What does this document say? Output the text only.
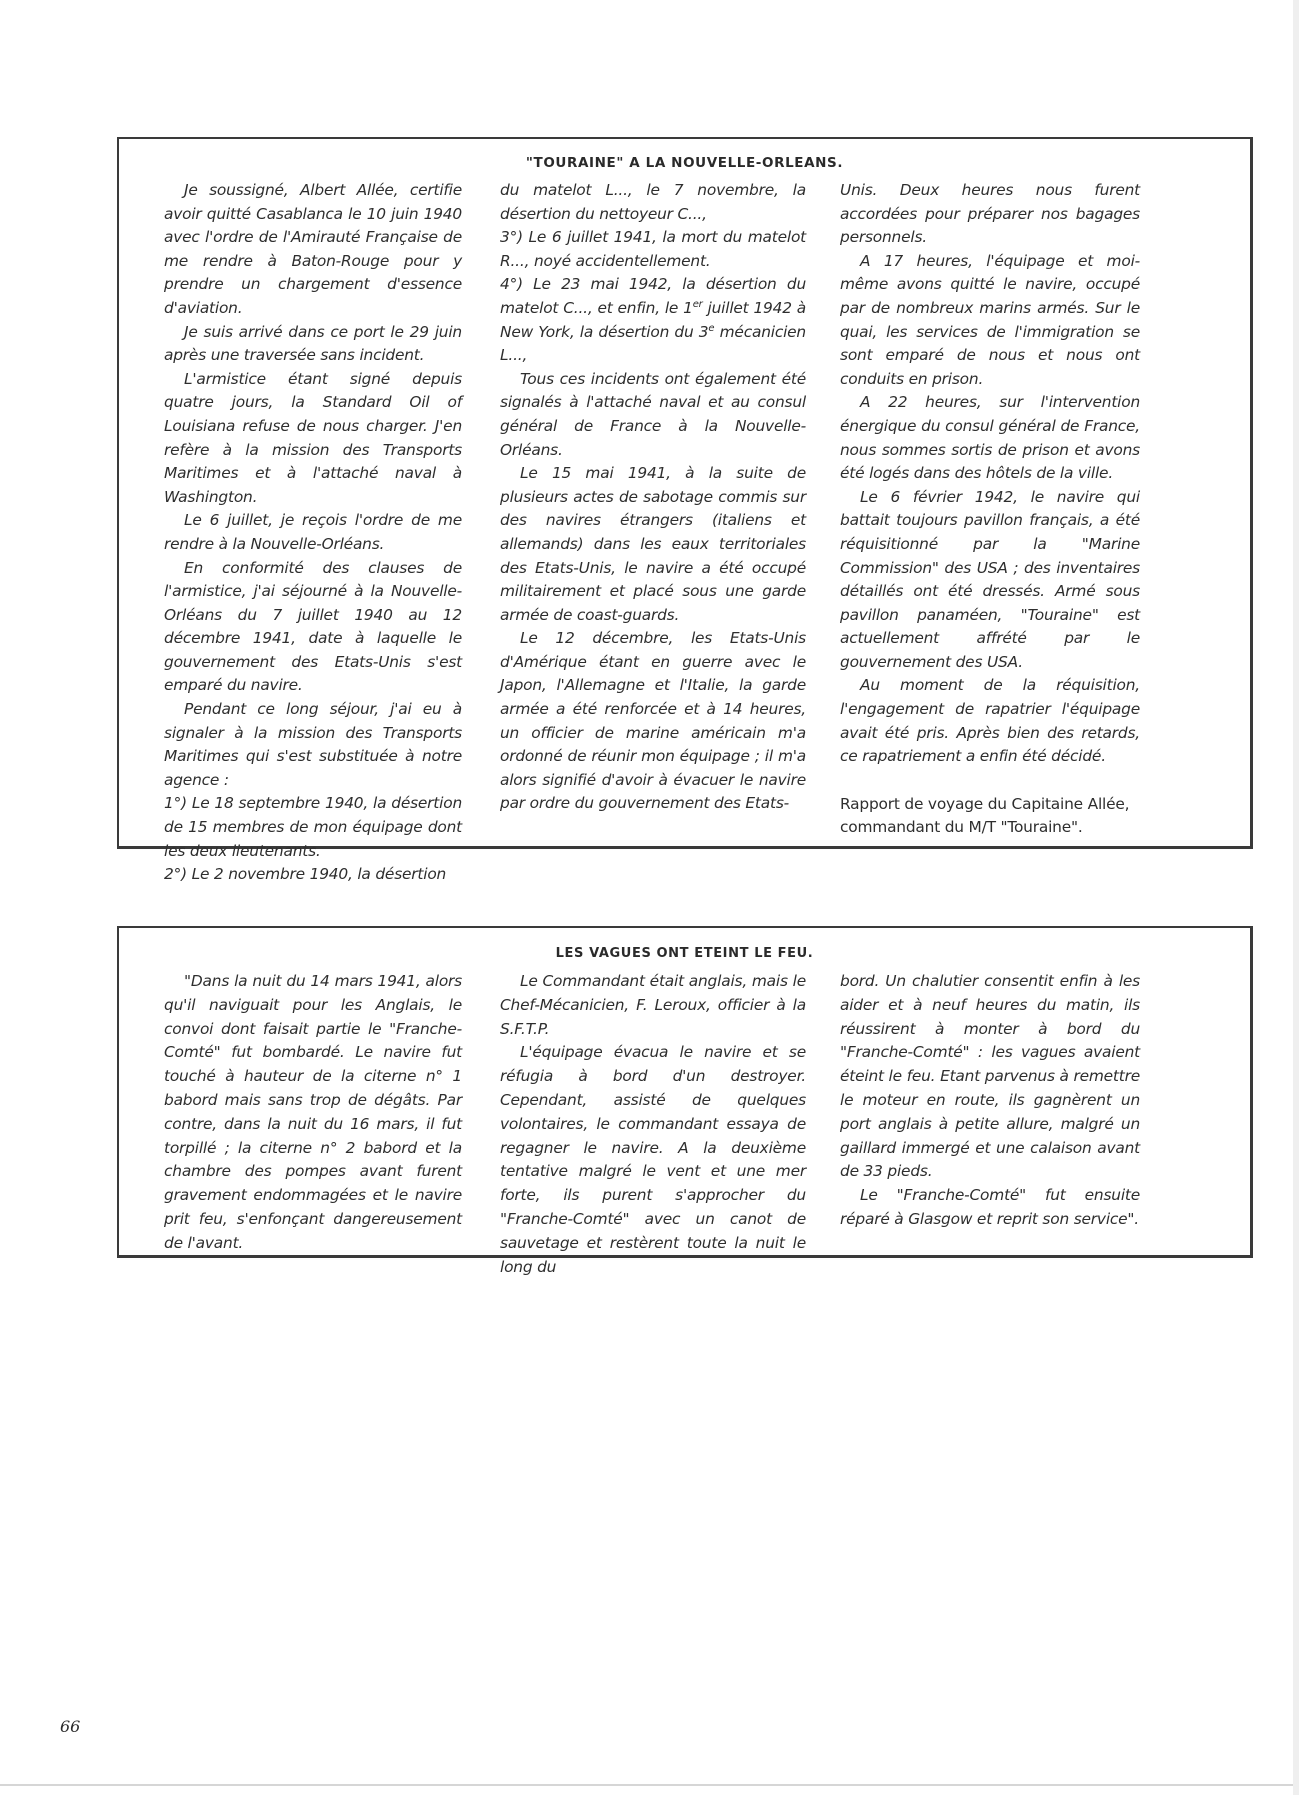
"TOURAINE" A LA NOUVELLE-ORLEANS.

Je soussigné, Albert Allée, certifie avoir quitté Casablanca le 10 juin 1940 avec l'ordre de l'Amirauté Française de me rendre à Baton-Rouge pour y prendre un chargement d'essence d'aviation.

Je suis arrivé dans ce port le 29 juin après une traversée sans incident.

L'armistice étant signé depuis quatre jours, la Standard Oil of Louisiana refuse de nous charger. J'en refère à la mission des Transports Maritimes et à l'attaché naval à Washington.

Le 6 juillet, je reçois l'ordre de me rendre à la Nouvelle-Orléans.

En conformité des clauses de l'armistice, j'ai séjourné à la Nouvelle-Orléans du 7 juillet 1940 au 12 décembre 1941, date à laquelle le gouvernement des Etats-Unis s'est emparé du navire.

Pendant ce long séjour, j'ai eu à signaler à la mission des Transports Maritimes qui s'est substituée à notre agence :

1°) Le 18 septembre 1940, la désertion de 15 membres de mon équipage dont les deux lieutenants.

2°) Le 2 novembre 1940, la désertion

du matelot L..., le 7 novembre, la désertion du nettoyeur C...,

3°) Le 6 juillet 1941, la mort du matelot R..., noyé accidentellement.

4°) Le 23 mai 1942, la désertion du matelot C..., et enfin, le 1er juillet 1942 à New York, la désertion du 3e mécanicien L...,

Tous ces incidents ont également été signalés à l'attaché naval et au consul général de France à la Nouvelle-Orléans.

Le 15 mai 1941, à la suite de plusieurs actes de sabotage commis sur des navires étrangers (italiens et allemands) dans les eaux territoriales des Etats-Unis, le navire a été occupé militairement et placé sous une garde armée de coast-guards.

Le 12 décembre, les Etats-Unis d'Amérique étant en guerre avec le Japon, l'Allemagne et l'Italie, la garde armée a été renforcée et à 14 heures, un officier de marine américain m'a ordonné de réunir mon équipage ; il m'a alors signifié d'avoir à évacuer le navire par ordre du gouvernement des Etats-

Unis. Deux heures nous furent accordées pour préparer nos bagages personnels.

A 17 heures, l'équipage et moi-même avons quitté le navire, occupé par de nombreux marins armés. Sur le quai, les services de l'immigration se sont emparé de nous et nous ont conduits en prison.

A 22 heures, sur l'intervention énergique du consul général de France, nous sommes sortis de prison et avons été logés dans des hôtels de la ville.

Le 6 février 1942, le navire qui battait toujours pavillon français, a été réquisitionné par la "Marine Commission" des USA ; des inventaires détaillés ont été dressés. Armé sous pavillon panaméen, "Touraine" est actuellement affrété par le gouvernement des USA.

Au moment de la réquisition, l'engagement de rapatrier l'équipage avait été pris. Après bien des retards, ce rapatriement a enfin été décidé.

Rapport de voyage du Capitaine Allée, commandant du M/T "Touraine".

LES VAGUES ONT ETEINT LE FEU.

"Dans la nuit du 14 mars 1941, alors qu'il naviguait pour les Anglais, le convoi dont faisait partie le "Franche-Comté" fut bombardé. Le navire fut touché à hauteur de la citerne n° 1 babord mais sans trop de dégâts. Par contre, dans la nuit du 16 mars, il fut torpillé ; la citerne n° 2 babord et la chambre des pompes avant furent gravement endommagées et le navire prit feu, s'enfonçant dangereusement de l'avant.

Le Commandant était anglais, mais le Chef-Mécanicien, F. Leroux, officier à la S.F.T.P.

L'équipage évacua le navire et se réfugia à bord d'un destroyer. Cependant, assisté de quelques volontaires, le commandant essaya de regagner le navire. A la deuxième tentative malgré le vent et une mer forte, ils purent s'approcher du "Franche-Comté" avec un canot de sauvetage et restèrent toute la nuit le long du

bord. Un chalutier consentit enfin à les aider et à neuf heures du matin, ils réussirent à monter à bord du "Franche-Comté" : les vagues avaient éteint le feu. Etant parvenus à remettre le moteur en route, ils gagnèrent un port anglais à petite allure, malgré un gaillard immergé et une calaison avant de 33 pieds.

Le "Franche-Comté" fut ensuite réparé à Glasgow et reprit son service".

66
